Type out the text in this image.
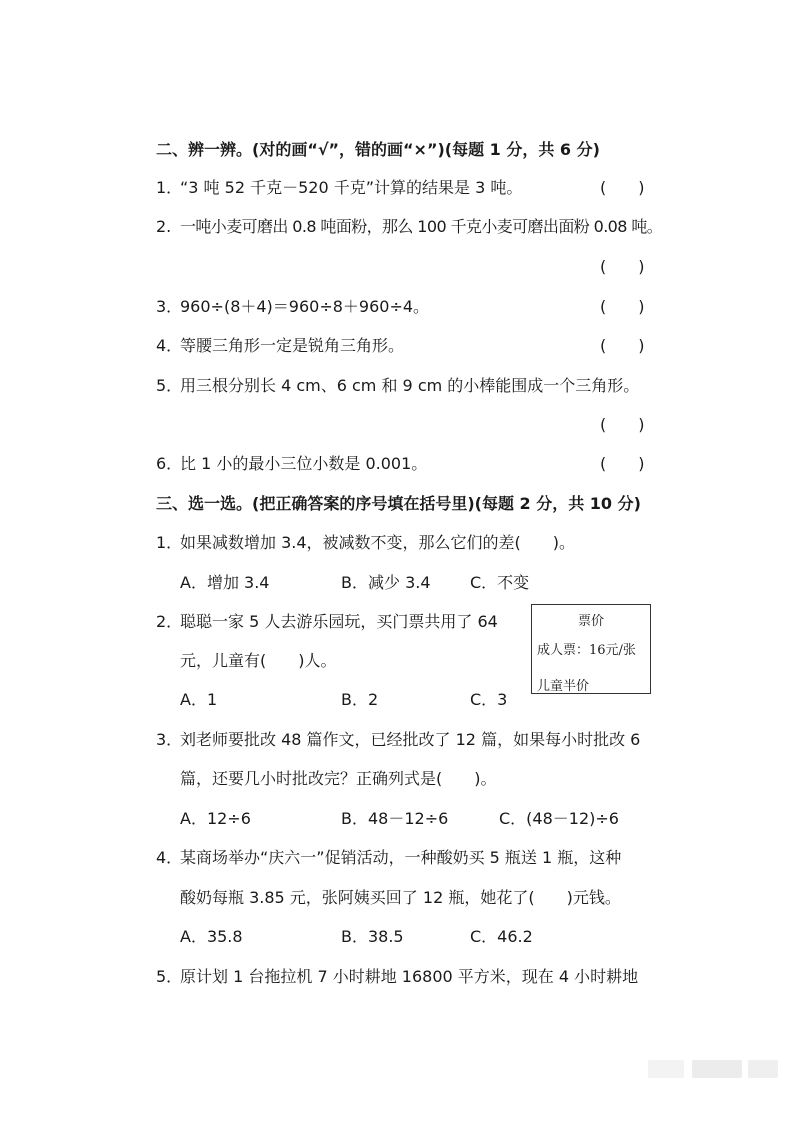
二、辨一辨。(对的画“√”，错的画“×”)(每题 1 分，共 6 分)
1．
“3 吨 52 千克－520 千克”计算的结果是 3 吨。	(　　)
2. 一吨小麦可磨出 0.8 吨面粉，那么 100 千克小麦可磨出面粉 0.08 吨。
(　　)
3．
960÷(8＋4)＝960÷8＋960÷4。	(　　)
4．
等腰三角形一定是锐角三角形。	(　　)
5．
用三根分别长 4 cm、6 cm 和 9 cm 的小棒能围成一个三角形。
(　　)
6．
比 1 小的最小三位小数是 0.001。	(　　)
三、选一选。(把正确答案的序号填在括号里)(每题 2 分，共 10 分)
1．
如果减数增加 3.4，被减数不变，那么它们的差(　　)。
A．增加 3.4	B．减少 3.4 C．不变
2．
聪聪一家 5 人去游乐园玩，买门票共用了 64
元，儿童有(　　)人。
票价
成人票：16元/张
儿童半价
A．1	B．2	C．3
3．
刘老师要批改 48 篇作文，已经批改了 12 篇，如果每小时批改 6
篇，还要几小时批改完？正确列式是(　　)。
A．12÷6	B．48－12÷6	C．(48－12)÷6
4．
某商场举办“庆六一”促销活动，一种酸奶买 5 瓶送 1 瓶，这种
酸奶每瓶 3.85 元，张阿姨买回了 12 瓶，她花了(　　)元钱。
A．35.8	B．38.5	C．46.2
5．
原计划 1 台拖拉机 7 小时耕地 16800 平方米，现在 4 小时耕地
